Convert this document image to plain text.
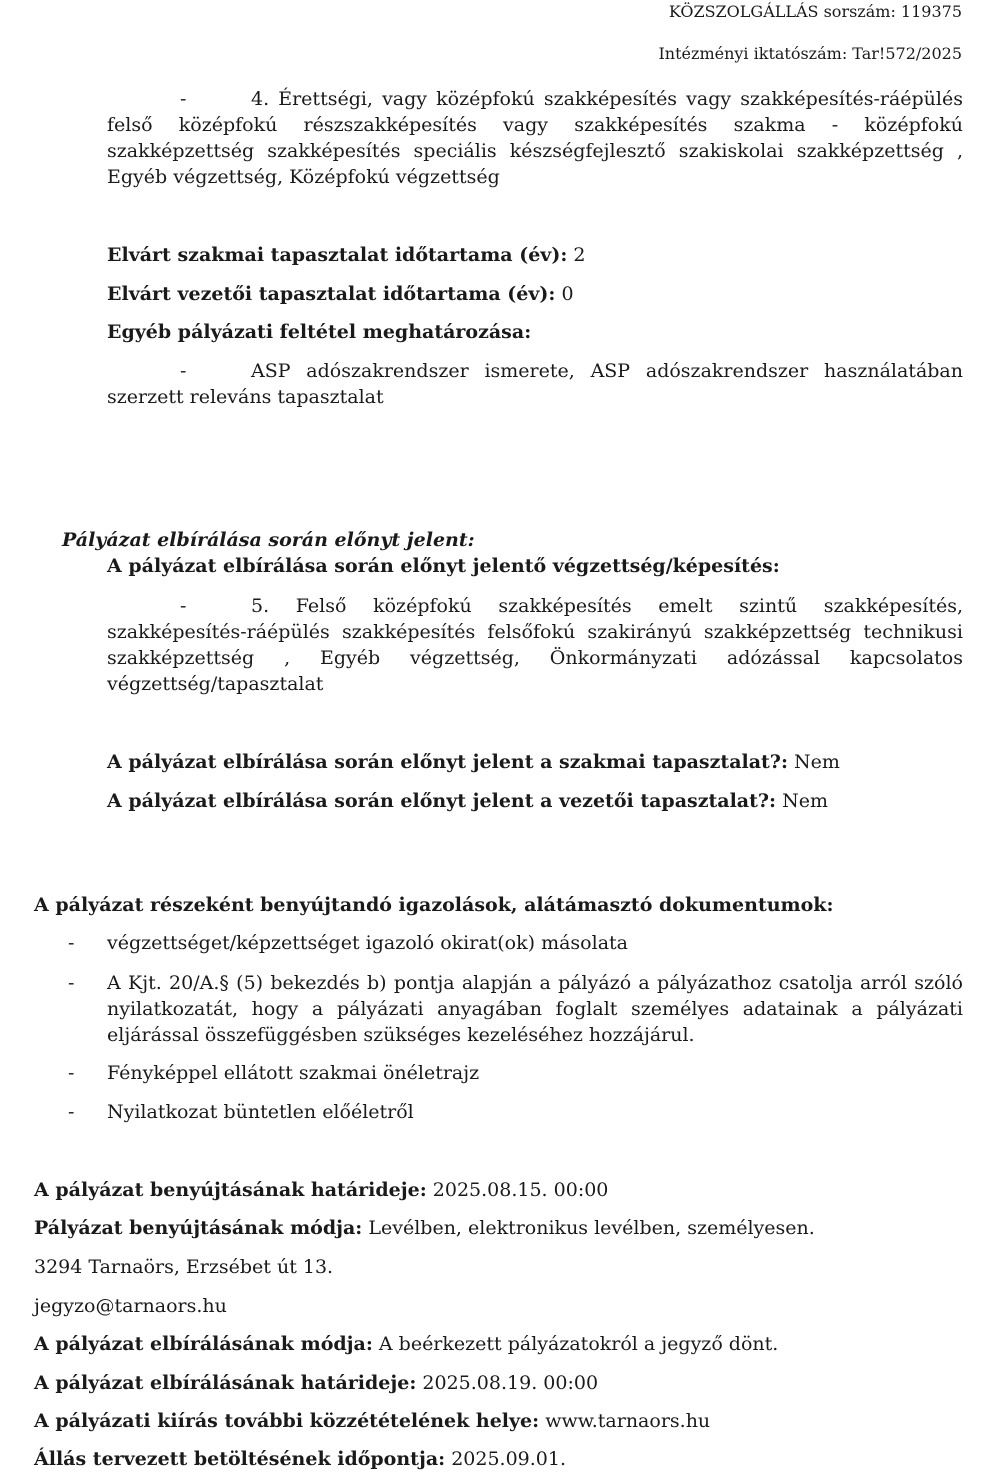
KÖZSZOLGÁLLÁS sorszám: 119375

Intézményi iktatószám: Tar!572/2025

-	4. Érettségi, vagy középfokú szakképesítés vagy szakképesítés-ráépülés felső középfokú részszakképesítés vagy szakképesítés szakma - középfokú szakképzettség szakképesítés speciális készségfejlesztő szakiskolai szakképzettség , Egyéb végzettség, Középfokú végzettség

Elvárt szakmai tapasztalat időtartama (év): 2

Elvárt vezetői tapasztalat időtartama (év): 0

Egyéb pályázati feltétel meghatározása:

-	ASP adószakrendszer ismerete, ASP adószakrendszer használatában szerzett releváns tapasztalat

Pályázat elbírálása során előnyt jelent:

A pályázat elbírálása során előnyt jelentő végzettség/képesítés:

-	5. Felső középfokú szakképesítés emelt szintű szakképesítés, szakképesítés-ráépülés szakképesítés felsőfokú szakirányú szakképzettség technikusi szakképzettség , Egyéb végzettség, Önkormányzati adózással kapcsolatos végzettség/tapasztalat

A pályázat elbírálása során előnyt jelent a szakmai tapasztalat?: Nem

A pályázat elbírálása során előnyt jelent a vezetői tapasztalat?: Nem

A pályázat részeként benyújtandó igazolások, alátámasztó dokumentumok:

- végzettséget/képzettséget igazoló okirat(ok) másolata

- A Kjt. 20/A.§ (5) bekezdés b) pontja alapján a pályázó a pályázathoz csatolja arról szóló nyilatkozatát, hogy a pályázati anyagában foglalt személyes adatainak a pályázati eljárással összefüggésben szükséges kezeléséhez hozzájárul.

- Fényképpel ellátott szakmai önéletrajz

- Nyilatkozat büntetlen előéletről

A pályázat benyújtásának határideje: 2025.08.15. 00:00

Pályázat benyújtásának módja: Levélben, elektronikus levélben, személyesen.

3294 Tarnaörs, Erzsébet út 13.

jegyzo@tarnaors.hu

A pályázat elbírálásának módja: A beérkezett pályázatokról a jegyző dönt.

A pályázat elbírálásának határideje: 2025.08.19. 00:00

A pályázati kiírás további közzétételének helye: www.tarnaors.hu

Állás tervezett betöltésének időpontja: 2025.09.01.
